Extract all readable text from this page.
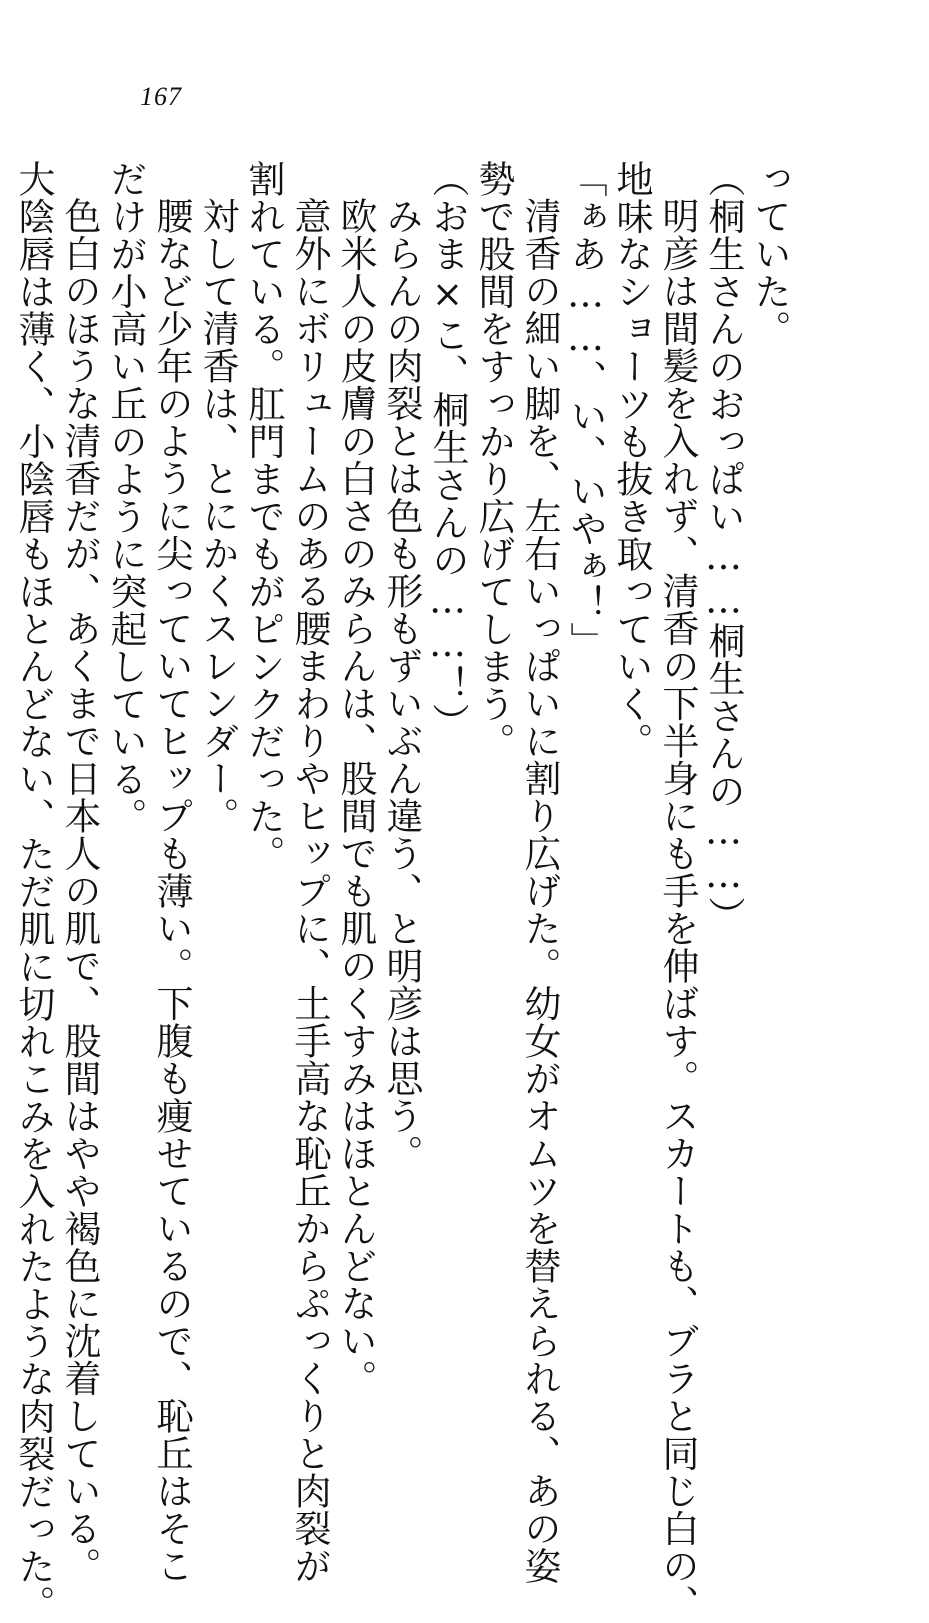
167
っていた。
（桐生さんのおっぱい……桐生さんの……）
明彦は間髪を入れず、清香の下半身にも手を伸ばす。スカートも、ブラと同じ白の、
地味なショーツも抜き取っていく。
「ぁあ……、い、いやぁ！」
清香の細い脚を、左右いっぱいに割り広げた。幼女がオムツを替えられる、あの姿
勢で股間をすっかり広げてしまう。
（おま×こ、桐生さんの……！）
みらんの肉裂とは色も形もずいぶん違う、と明彦は思う。
欧米人の皮膚の白さのみらんは、股間でも肌のくすみはほとんどない。
意外にボリュームのある腰まわりやヒップに、土手高な恥丘からぷっくりと肉裂が
割れている。肛門までもがピンクだった。
対して清香は、とにかくスレンダー。
腰など少年のように尖っていてヒップも薄い。下腹も痩せているので、恥丘はそこ
だけが小高い丘のように突起している。
色白のほうな清香だが、あくまで日本人の肌で、股間はやや褐色に沈着している。
大陰唇は薄く、小陰唇もほとんどない、ただ肌に切れこみを入れたような肉裂だった。
